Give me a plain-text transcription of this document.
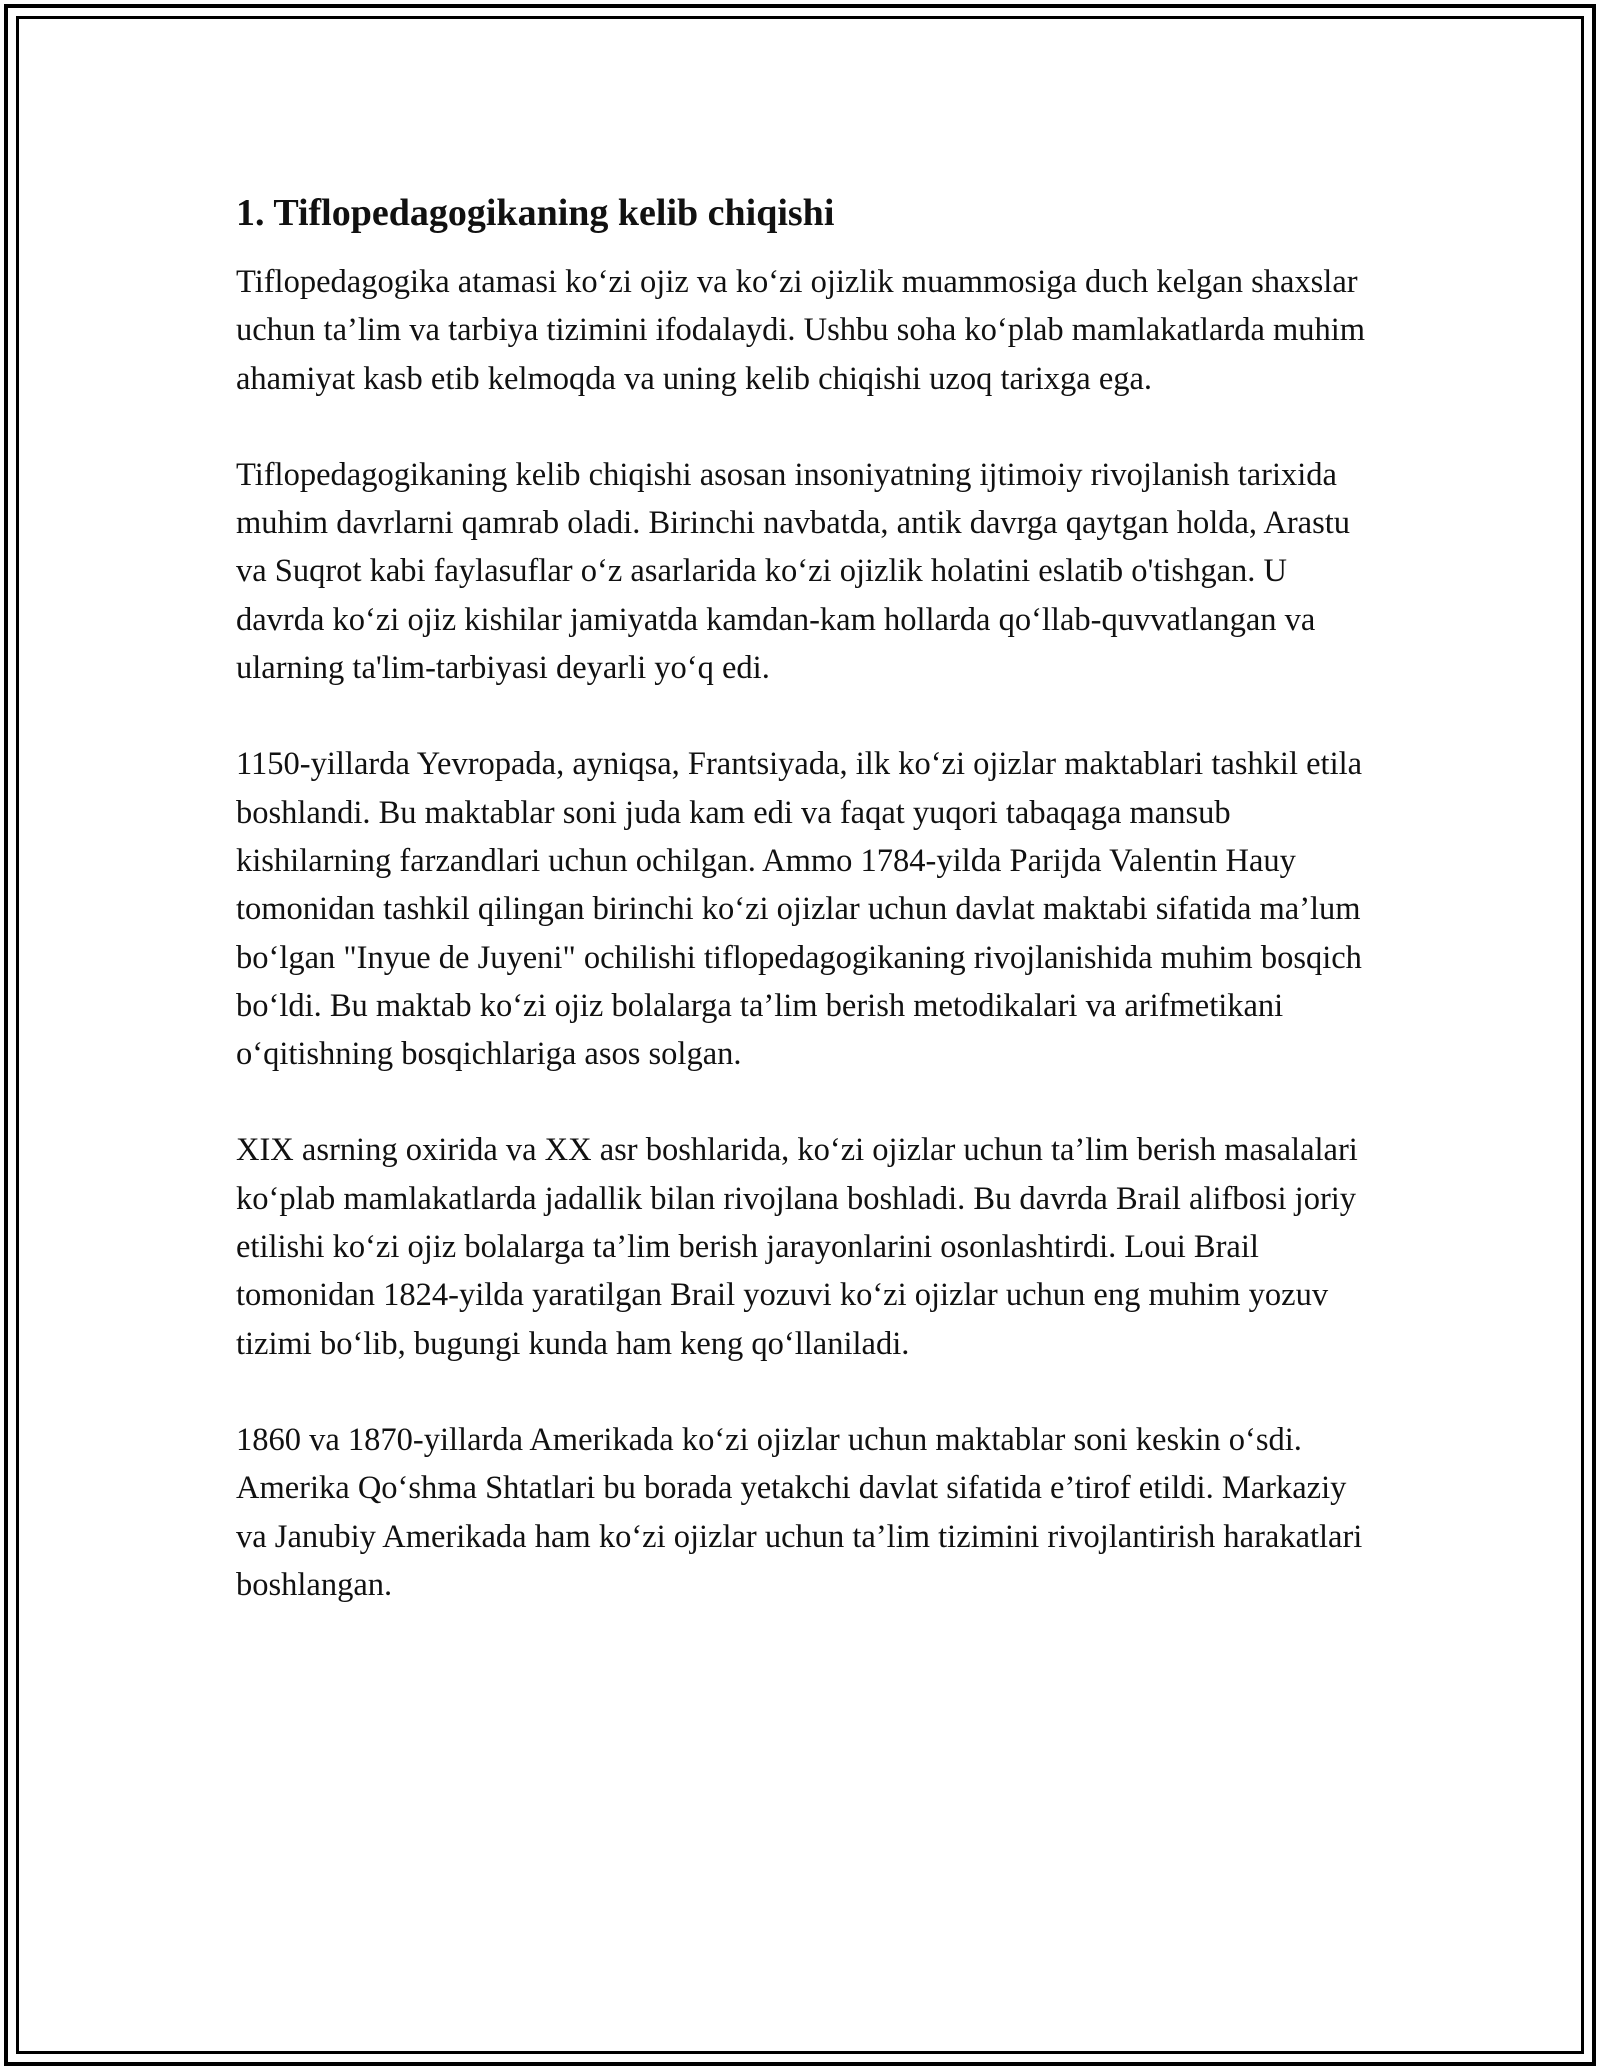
1. Tiflopedagogikaning kelib chiqishi

Tiflopedagogika atamasi ko‘zi ojiz va ko‘zi ojizlik muammosiga duch kelgan shaxslar uchun ta’lim va tarbiya tizimini ifodalaydi. Ushbu soha ko‘plab mamlakatlarda muhim ahamiyat kasb etib kelmoqda va uning kelib chiqishi uzoq tarixga ega.

Tiflopedagogikaning kelib chiqishi asosan insoniyatning ijtimoiy rivojlanish tarixida muhim davrlarni qamrab oladi. Birinchi navbatda, antik davrga qaytgan holda, Arastu va Suqrot kabi faylasuflar o‘z asarlarida ko‘zi ojizlik holatini eslatib o'tishgan. U davrda ko‘zi ojiz kishilar jamiyatda kamdan-kam hollarda qo‘llab-quvvatlangan va ularning ta'lim-tarbiyasi deyarli yo‘q edi.

1150-yillarda Yevropada, ayniqsa, Frantsiyada, ilk ko‘zi ojizlar maktablari tashkil etila boshlandi. Bu maktablar soni juda kam edi va faqat yuqori tabaqaga mansub kishilarning farzandlari uchun ochilgan. Ammo 1784-yilda Parijda Valentin Hauy tomonidan tashkil qilingan birinchi ko‘zi ojizlar uchun davlat maktabi sifatida ma’lum bo‘lgan "Inyue de Juyeni" ochilishi tiflopedagogikaning rivojlanishida muhim bosqich bo‘ldi. Bu maktab ko‘zi ojiz bolalarga ta’lim berish metodikalari va arifmetikani o‘qitishning bosqichlariga asos solgan.

XIX asrning oxirida va XX asr boshlarida, ko‘zi ojizlar uchun ta’lim berish masalalari ko‘plab mamlakatlarda jadallik bilan rivojlana boshladi. Bu davrda Brail alifbosi joriy etilishi ko‘zi ojiz bolalarga ta’lim berish jarayonlarini osonlashtirdi. Loui Brail tomonidan 1824-yilda yaratilgan Brail yozuvi ko‘zi ojizlar uchun eng muhim yozuv tizimi bo‘lib, bugungi kunda ham keng qo‘llaniladi.

1860 va 1870-yillarda Amerikada ko‘zi ojizlar uchun maktablar soni keskin o‘sdi. Amerika Qo‘shma Shtatlari bu borada yetakchi davlat sifatida e’tirof etildi. Markaziy va Janubiy Amerikada ham ko‘zi ojizlar uchun ta’lim tizimini rivojlantirish harakatlari boshlangan.
